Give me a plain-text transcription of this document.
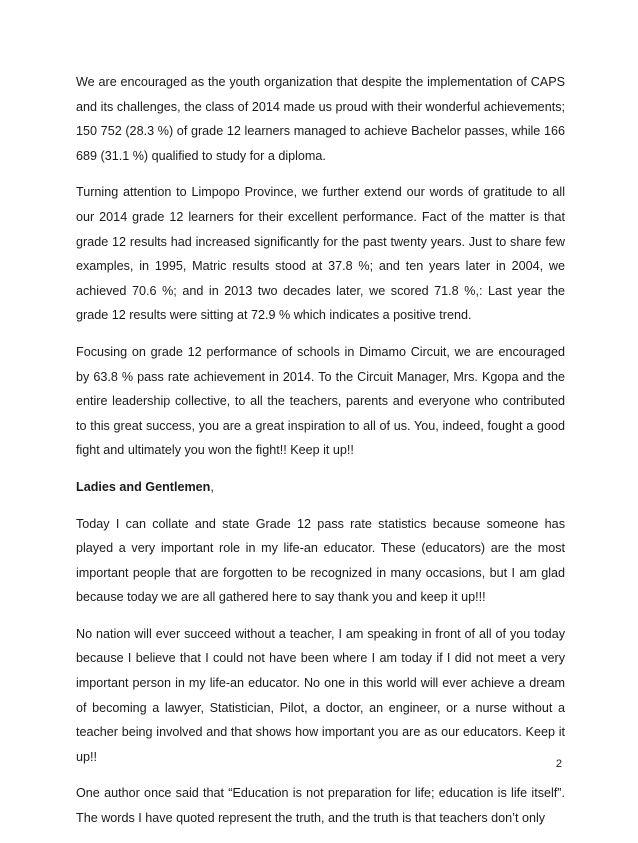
We are encouraged as the youth organization that despite the implementation of CAPS and its challenges, the class of 2014 made us proud with their wonderful achievements; 150 752 (28.3 %) of grade 12 learners managed to achieve Bachelor passes, while 166 689 (31.1 %) qualified to study for a diploma.

Turning attention to Limpopo Province, we further extend our words of gratitude to all our 2014 grade 12 learners for their excellent performance. Fact of the matter is that grade 12 results had increased significantly for the past twenty years. Just to share few examples, in 1995, Matric results stood at 37.8 %; and ten years later in 2004, we achieved 70.6 %; and in 2013 two decades later, we scored 71.8 %,: Last year the grade 12 results were sitting at 72.9 % which indicates a positive trend.

Focusing on grade 12 performance of schools in Dimamo Circuit, we are encouraged by 63.8 % pass rate achievement in 2014. To the Circuit Manager, Mrs. Kgopa and the entire leadership collective, to all the teachers, parents and everyone who contributed to this great success, you are a great inspiration to all of us. You, indeed, fought a good fight and ultimately you won the fight!! Keep it up!!

Ladies and Gentlemen,

Today I can collate and state Grade 12 pass rate statistics because someone has played a very important role in my life-an educator. These (educators) are the most important people that are forgotten to be recognized in many occasions, but I am glad because today we are all gathered here to say thank you and keep it up!!!

No nation will ever succeed without a teacher, I am speaking in front of all of you today because I believe that I could not have been where I am today if I did not meet a very important person in my life-an educator. No one in this world will ever achieve a dream of becoming a lawyer, Statistician, Pilot, a doctor, an engineer, or a nurse without a teacher being involved and that shows how important you are as our educators. Keep it up!!

One author once said that “Education is not preparation for life; education is life itself”. The words I have quoted represent the truth, and the truth is that teachers don’t only

2
